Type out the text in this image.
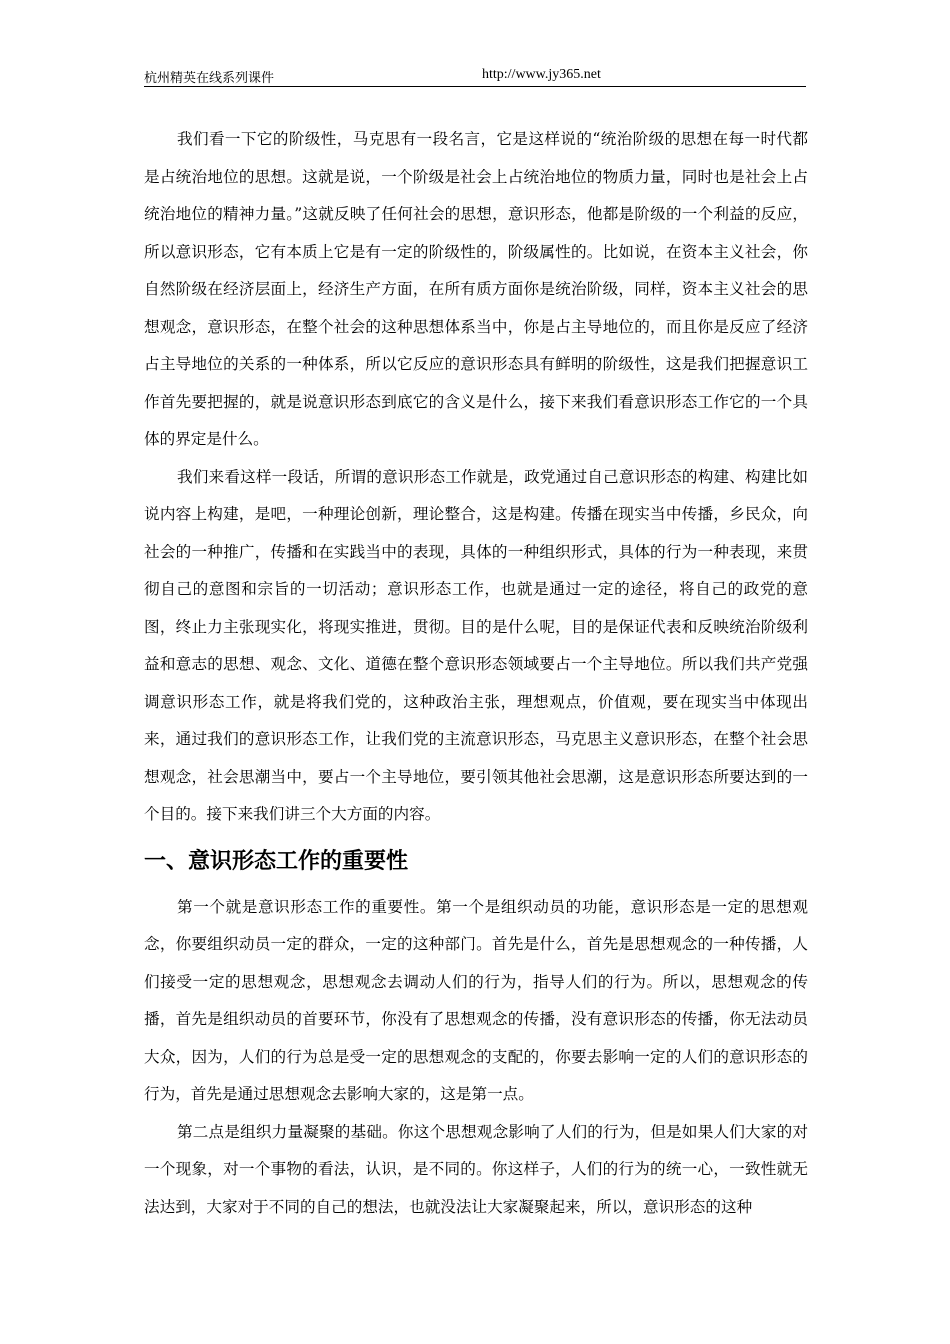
杭州精英在线系列课件	http://www.jy365.net

我们看一下它的阶级性，马克思有一段名言，它是这样说的“统治阶级的思想在每一时代都是占统治地位的思想。这就是说，一个阶级是社会上占统治地位的物质力量，同时也是社会上占统治地位的精神力量。”这就反映了任何社会的思想，意识形态，他都是阶级的一个利益的反应，所以意识形态，它有本质上它是有一定的阶级性的，阶级属性的。比如说，在资本主义社会，你自然阶级在经济层面上，经济生产方面，在所有质方面你是统治阶级，同样，资本主义社会的思想观念，意识形态，在整个社会的这种思想体系当中，你是占主导地位的，而且你是反应了经济占主导地位的关系的一种体系，所以它反应的意识形态具有鲜明的阶级性，这是我们把握意识工作首先要把握的，就是说意识形态到底它的含义是什么，接下来我们看意识形态工作它的一个具体的界定是什么。

我们来看这样一段话，所谓的意识形态工作就是，政党通过自己意识形态的构建、构建比如说内容上构建，是吧，一种理论创新，理论整合，这是构建。传播在现实当中传播，乡民众，向社会的一种推广，传播和在实践当中的表现，具体的一种组织形式，具体的行为一种表现，来贯彻自己的意图和宗旨的一切活动；意识形态工作，也就是通过一定的途径，将自己的政党的意图，终止力主张现实化，将现实推进，贯彻。目的是什么呢，目的是保证代表和反映统治阶级利益和意志的思想、观念、文化、道德在整个意识形态领域要占一个主导地位。所以我们共产党强调意识形态工作，就是将我们党的，这种政治主张，理想观点，价值观，要在现实当中体现出来，通过我们的意识形态工作，让我们党的主流意识形态，马克思主义意识形态，在整个社会思想观念，社会思潮当中，要占一个主导地位，要引领其他社会思潮，这是意识形态所要达到的一个目的。接下来我们讲三个大方面的内容。

一、意识形态工作的重要性

第一个就是意识形态工作的重要性。第一个是组织动员的功能，意识形态是一定的思想观念，你要组织动员一定的群众，一定的这种部门。首先是什么，首先是思想观念的一种传播，人们接受一定的思想观念，思想观念去调动人们的行为，指导人们的行为。所以，思想观念的传播，首先是组织动员的首要环节，你没有了思想观念的传播，没有意识形态的传播，你无法动员大众，因为，人们的行为总是受一定的思想观念的支配的，你要去影响一定的人们的意识形态的行为，首先是通过思想观念去影响大家的，这是第一点。

第二点是组织力量凝聚的基础。你这个思想观念影响了人们的行为，但是如果人们大家的对一个现象，对一个事物的看法，认识，是不同的。你这样子，人们的行为的统一心，一致性就无法达到，大家对于不同的自己的想法，也就没法让大家凝聚起来，所以，意识形态的这种
